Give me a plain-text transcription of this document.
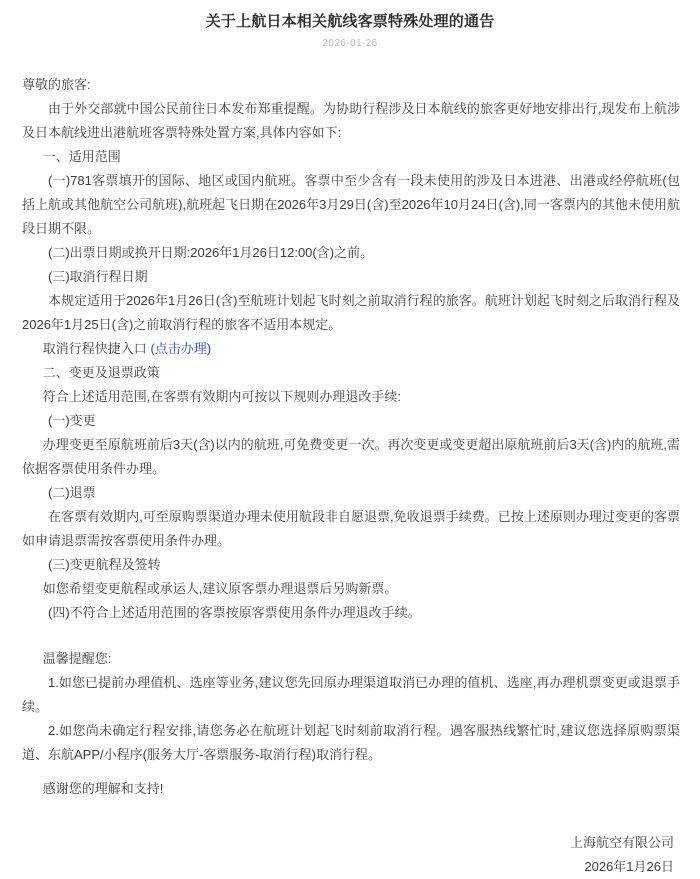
关于上航日本相关航线客票特殊处理的通告
2026-01-26

尊敬的旅客:

由于外交部就中国公民前往日本发布郑重提醒。为协助行程涉及日本航线的旅客更好地安排出行,现发布上航涉及日本航线进出港航班客票特殊处置方案,具体内容如下:

一、适用范围

(一)781客票填开的国际、地区或国内航班。客票中至少含有一段未使用的涉及日本进港、出港或经停航班(包括上航或其他航空公司航班),航班起飞日期在2026年3月29日(含)至2026年10月24日(含),同一客票内的其他未使用航段日期不限。

(二)出票日期或换开日期:2026年1月26日12:00(含)之前。

(三)取消行程日期

本规定适用于2026年1月26日(含)至航班计划起飞时刻之前取消行程的旅客。航班计划起飞时刻之后取消行程及2026年1月25日(含)之前取消行程的旅客不适用本规定。

取消行程快捷入口 (点击办理)

二、变更及退票政策

符合上述适用范围,在客票有效期内可按以下规则办理退改手续:

(一)变更

办理变更至原航班前后3天(含)以内的航班,可免费变更一次。再次变更或变更超出原航班前后3天(含)内的航班,需依据客票使用条件办理。

(二)退票

在客票有效期内,可至原购票渠道办理未使用航段非自愿退票,免收退票手续费。已按上述原则办理过变更的客票如申请退票需按客票使用条件办理。

(三)变更航程及签转

如您希望变更航程或承运人,建议原客票办理退票后另购新票。

(四)不符合上述适用范围的客票按原客票使用条件办理退改手续。

温馨提醒您:

1.如您已提前办理值机、选座等业务,建议您先回原办理渠道取消已办理的值机、选座,再办理机票变更或退票手续。

2.如您尚未确定行程安排,请您务必在航班计划起飞时刻前取消行程。遇客服热线繁忙时,建议您选择原购票渠道、东航APP/小程序(服务大厅-客票服务-取消行程)取消行程。

感谢您的理解和支持!

上海航空有限公司
2026年1月26日
